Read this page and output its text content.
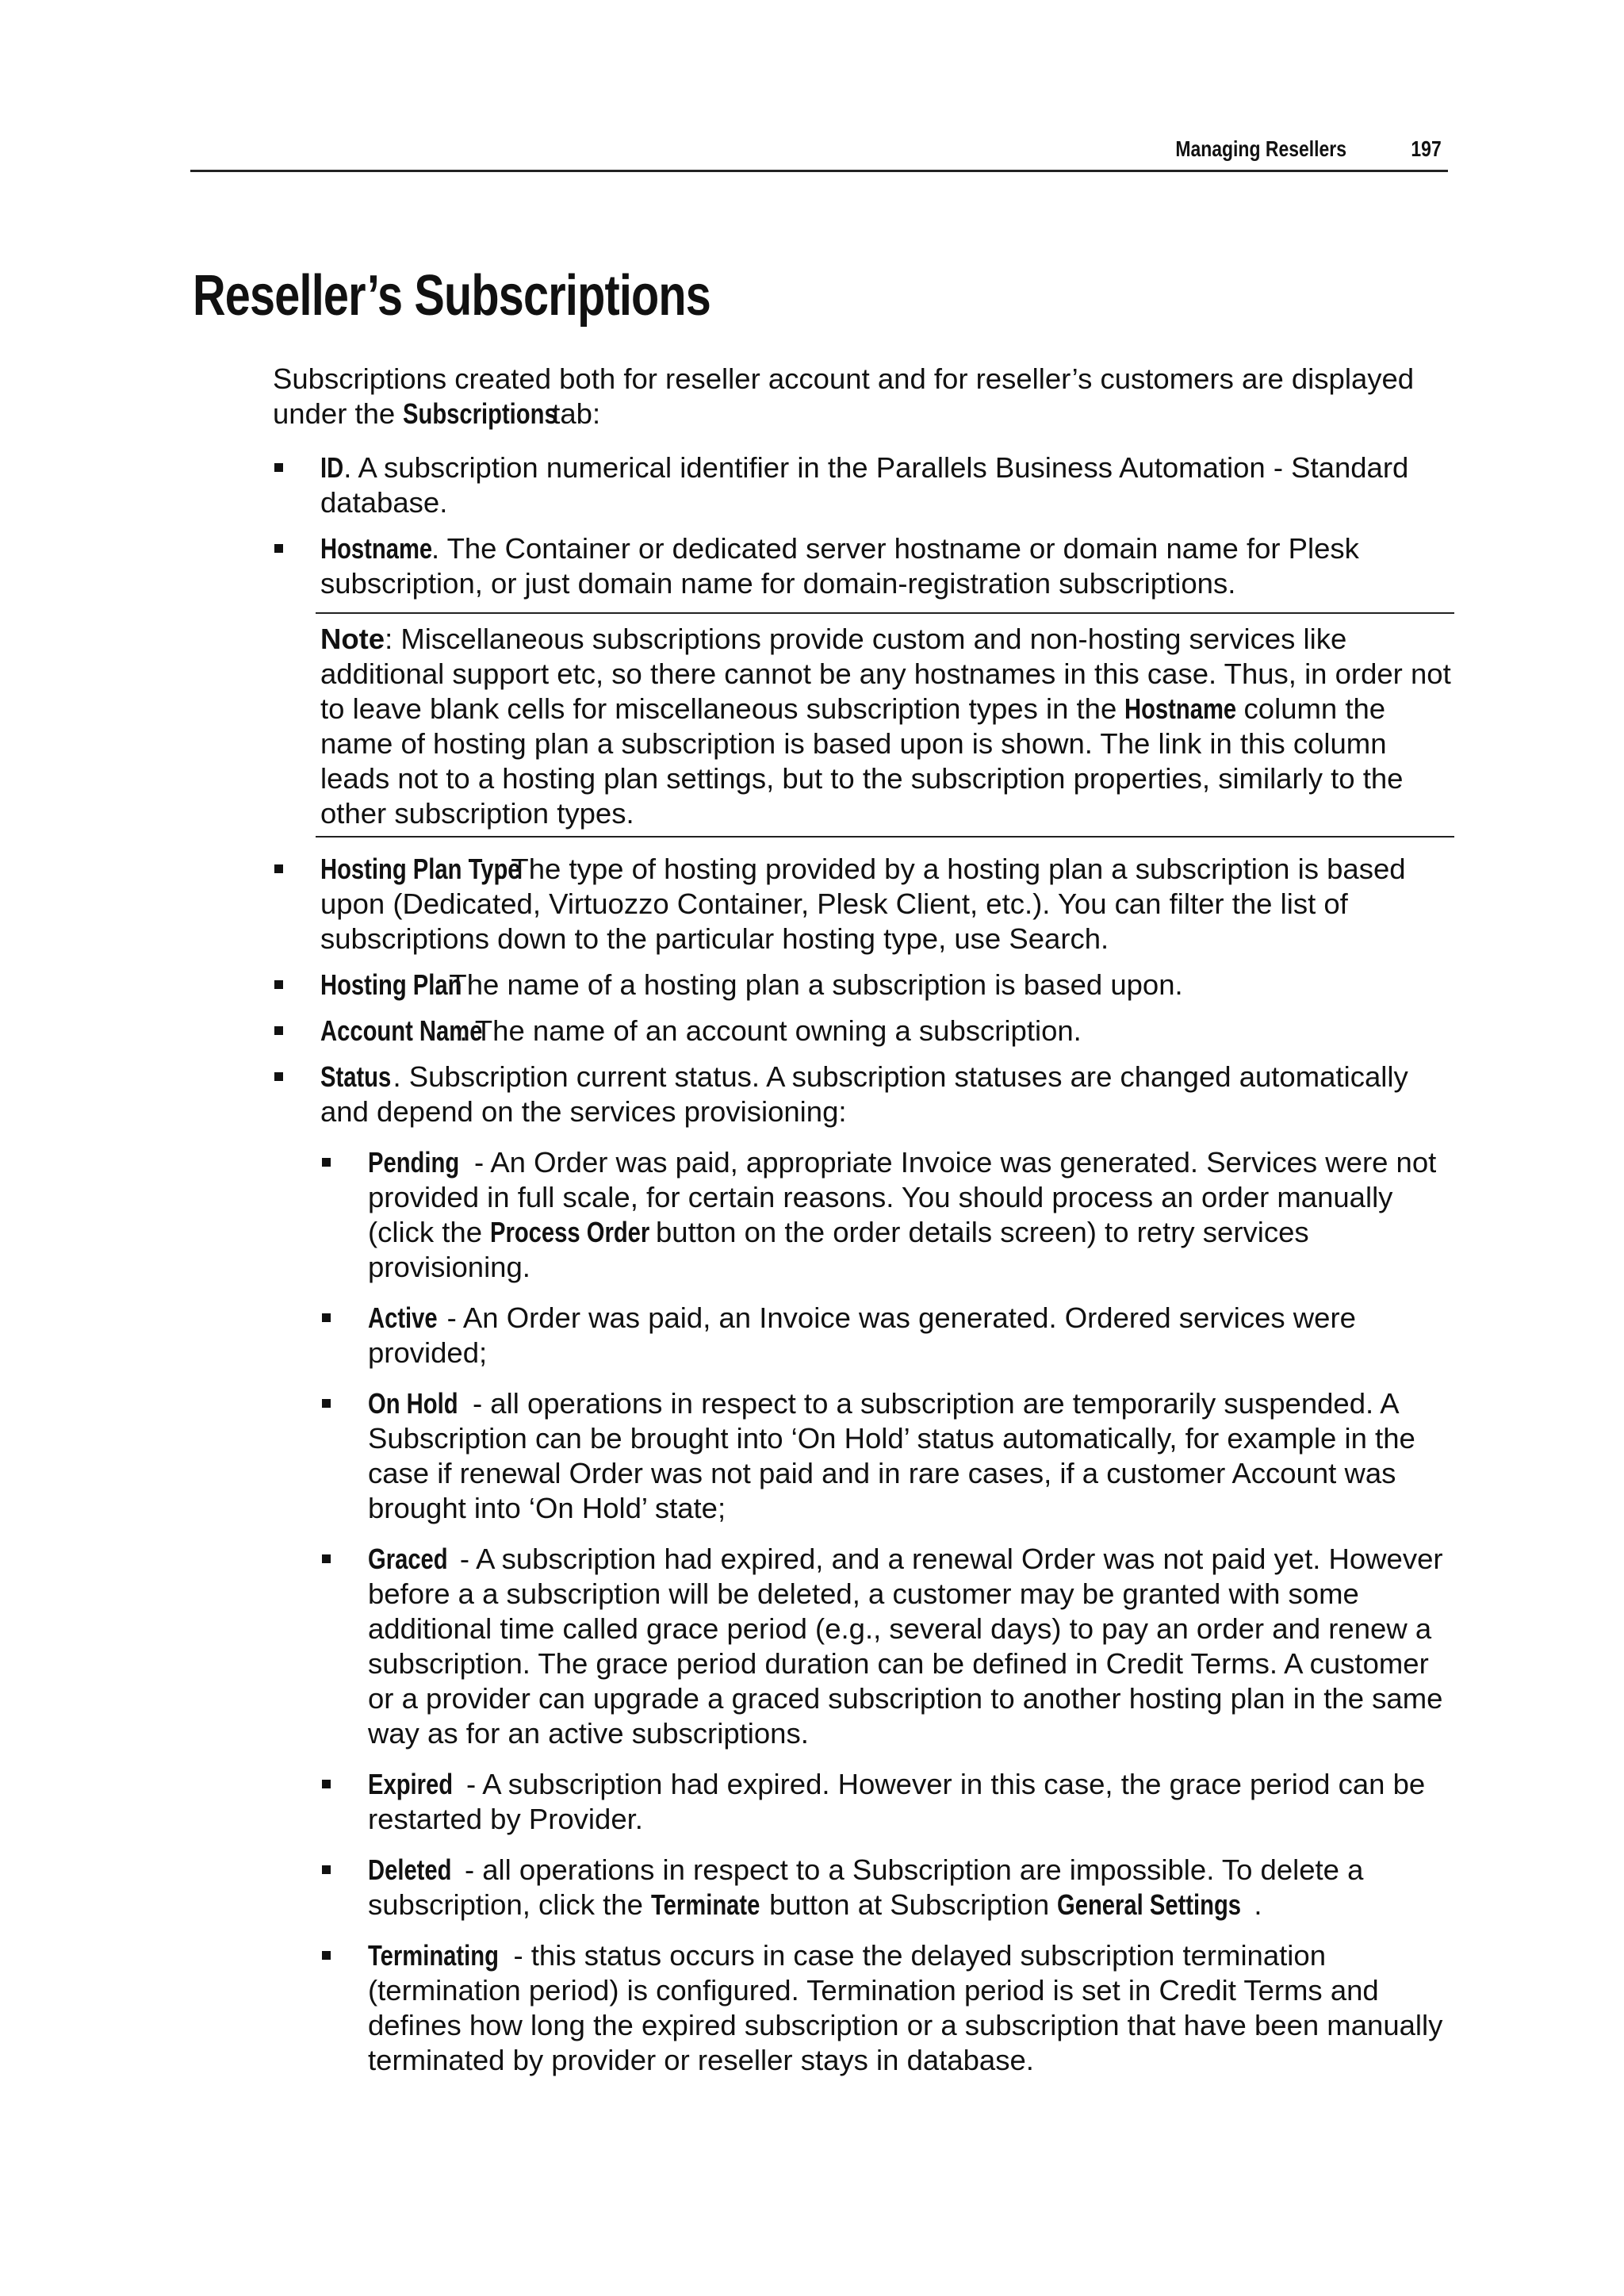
Managing Resellers	197
Reseller’s Subscriptions

Subscriptions created both for reseller account and for reseller’s customers are displayed under the Subscriptions tab:

ID. A subscription numerical identifier in the Parallels Business Automation - Standard database.
Hostname. The Container or dedicated server hostname or domain name for Plesk subscription, or just domain name for domain-registration subscriptions.
Note: Miscellaneous subscriptions provide custom and non-hosting services like additional support etc, so there cannot be any hostnames in this case. Thus, in order not to leave blank cells for miscellaneous subscription types in the Hostname column the name of hosting plan a subscription is based upon is shown. The link in this column leads not to a hosting plan settings, but to the subscription properties, similarly to the other subscription types.
Hosting Plan Type. The type of hosting provided by a hosting plan a subscription is based upon (Dedicated, Virtuozzo Container, Plesk Client, etc.). You can filter the list of subscriptions down to the particular hosting type, use Search.
Hosting Plan. The name of a hosting plan a subscription is based upon.
Account Name. The name of an account owning a subscription.
Status. Subscription current status. A subscription statuses are changed automatically and depend on the services provisioning:
Pending - An Order was paid, appropriate Invoice was generated. Services were not provided in full scale, for certain reasons. You should process an order manually (click the Process Order button on the order details screen) to retry services provisioning.
Active - An Order was paid, an Invoice was generated. Ordered services were provided;
On Hold - all operations in respect to a subscription are temporarily suspended. A Subscription can be brought into ‘On Hold’ status automatically, for example in the case if renewal Order was not paid and in rare cases, if a customer Account was brought into ‘On Hold’ state;
Graced - A subscription had expired, and a renewal Order was not paid yet. However before a a subscription will be deleted, a customer may be granted with some additional time called grace period (e.g., several days) to pay an order and renew a subscription. The grace period duration can be defined in Credit Terms. A customer or a provider can upgrade a graced subscription to another hosting plan in the same way as for an active subscriptions.
Expired - A subscription had expired. However in this case, the grace period can be restarted by Provider.
Deleted - all operations in respect to a Subscription are impossible. To delete a subscription, click the Terminate button at Subscription General Settings .
Terminating - this status occurs in case the delayed subscription termination (termination period) is configured. Termination period is set in Credit Terms and defines how long the expired subscription or a subscription that have been manually terminated by provider or reseller stays in database.
